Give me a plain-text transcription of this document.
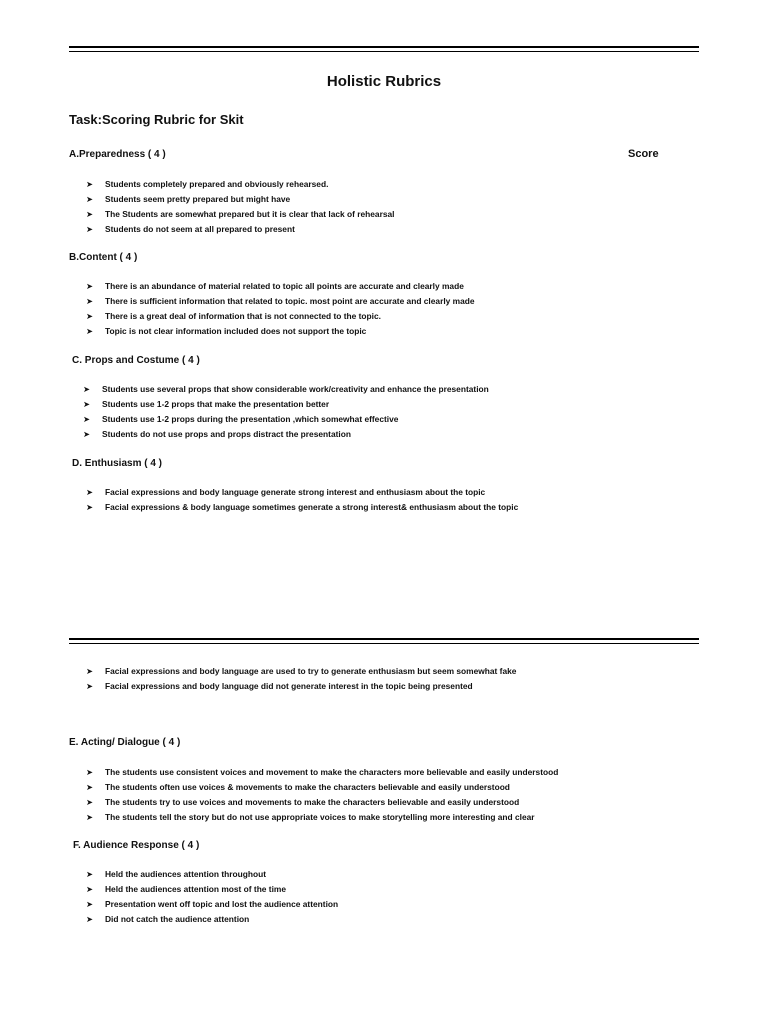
Holistic Rubrics
Task:Scoring Rubric for Skit
A.Preparedness ( 4 )	Score
➤ Students completely prepared and obviously rehearsed.
➤ Students seem pretty prepared but might have
➤ The Students are somewhat prepared but it is clear that lack of rehearsal
➤ Students do not seem at all prepared to present
B.Content ( 4 )
➤ There is an abundance of material related to topic all points are accurate and clearly made
➤ There is sufficient information that related to topic. most point are accurate and clearly made
➤ There is a great deal of information that is not connected to the topic.
➤ Topic is not clear information included does not support the topic
C. Props and Costume ( 4 )
➤ Students use several props that show considerable work/creativity and enhance the presentation
➤ Students use 1-2 props that make the presentation better
➤ Students use 1-2 props during the presentation ,which somewhat effective
➤ Students do not use props and props distract the presentation
D. Enthusiasm ( 4 )
➤ Facial expressions and body language generate strong interest and enthusiasm about the topic
➤ Facial expressions & body language sometimes generate a strong interest& enthusiasm about the topic
➤ Facial expressions and body language are used to try to generate enthusiasm but seem somewhat fake
➤ Facial expressions and body language did not generate interest in the topic being presented
E. Acting/ Dialogue ( 4 )
➤ The students use consistent voices and movement to make the characters more believable and easily understood
➤ The students often use voices & movements to make the characters believable and easily understood
➤ The students try to use voices and movements to make the characters believable and easily understood
➤ The students tell the story but do not use appropriate voices to make storytelling more interesting and clear
F. Audience Response ( 4 )
➤ Held the audiences attention throughout
➤ Held the audiences attention most of the time
➤ Presentation went off topic and lost the audience attention
➤ Did not catch the audience attention
